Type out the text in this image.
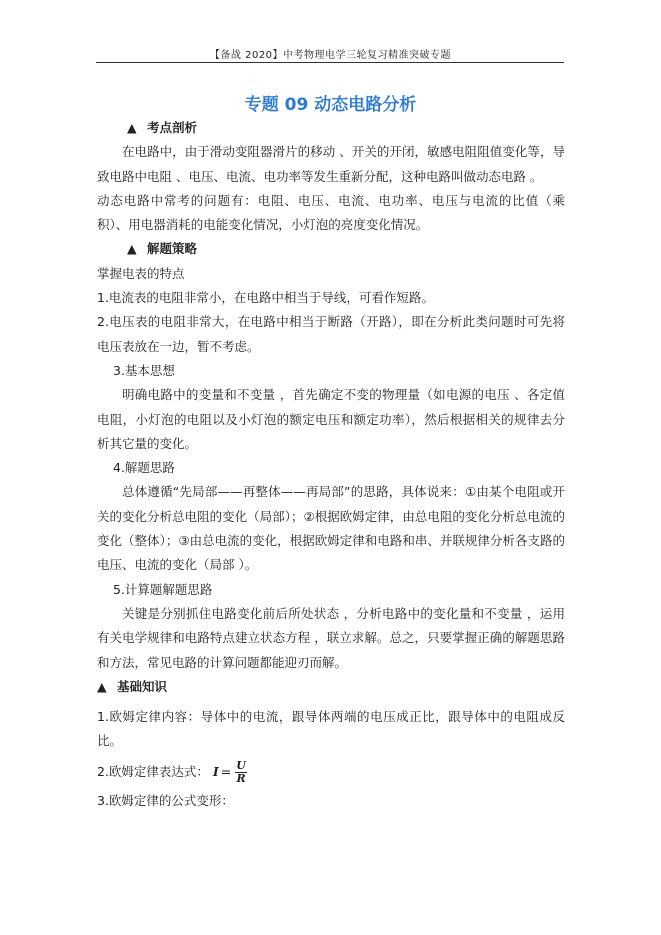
【备战 2020】中考物理电学三轮复习精准突破专题
专题 09 动态电路分析

▲ 考点剖析

在电路中，由于滑动变阻器滑片的移动 、开关的开闭，敏感电阻阻值变化等，导致电路中电阻 、电压、电流、电功率等发生重新分配，这种电路叫做动态电路 。

动态电路中常考的问题有：电阻、电压、电流、电功率、电压与电流的比值（乘积）、用电器消耗的电能变化情况，小灯泡的亮度变化情况。

▲ 解题策略

掌握电表的特点

1.电流表的电阻非常小，在电路中相当于导线，可看作短路。

2.电压表的电阻非常大，在电路中相当于断路（开路），即在分析此类问题时可先将电压表放在一边，暂不考虑。

3.基本思想

明确电路中的变量和不变量 ，首先确定不变的物理量（如电源的电压 、各定值电阻，小灯泡的电阻以及小灯泡的额定电压和额定功率），然后根据相关的规律去分析其它量的变化。

4.解题思路

总体遵循“先局部——再整体——再局部”的思路，具体说来：①由某个电阻或开关的变化分析总电阻的变化（局部）；②根据欧姆定律，由总电阻的变化分析总电流的变化（整体）；③由总电流的变化，根据欧姆定律和电路和串、并联规律分析各支路的电压、电流的变化（局部 ）。

5.计算题解题思路

关键是分别抓住电路变化前后所处状态 ，分析电路中的变化量和不变量 ，运用有关电学规律和电路特点建立状态方程 ，联立求解。总之，只要掌握正确的解题思路和方法，常见电路的计算问题都能迎刃而解。

▲ 基础知识

1.欧姆定律内容：导体中的电流，跟导体两端的电压成正比，跟导体中的电阻成反比。

2.欧姆定律表达式： $I = \frac{U}{R}$

3.欧姆定律的公式变形：
